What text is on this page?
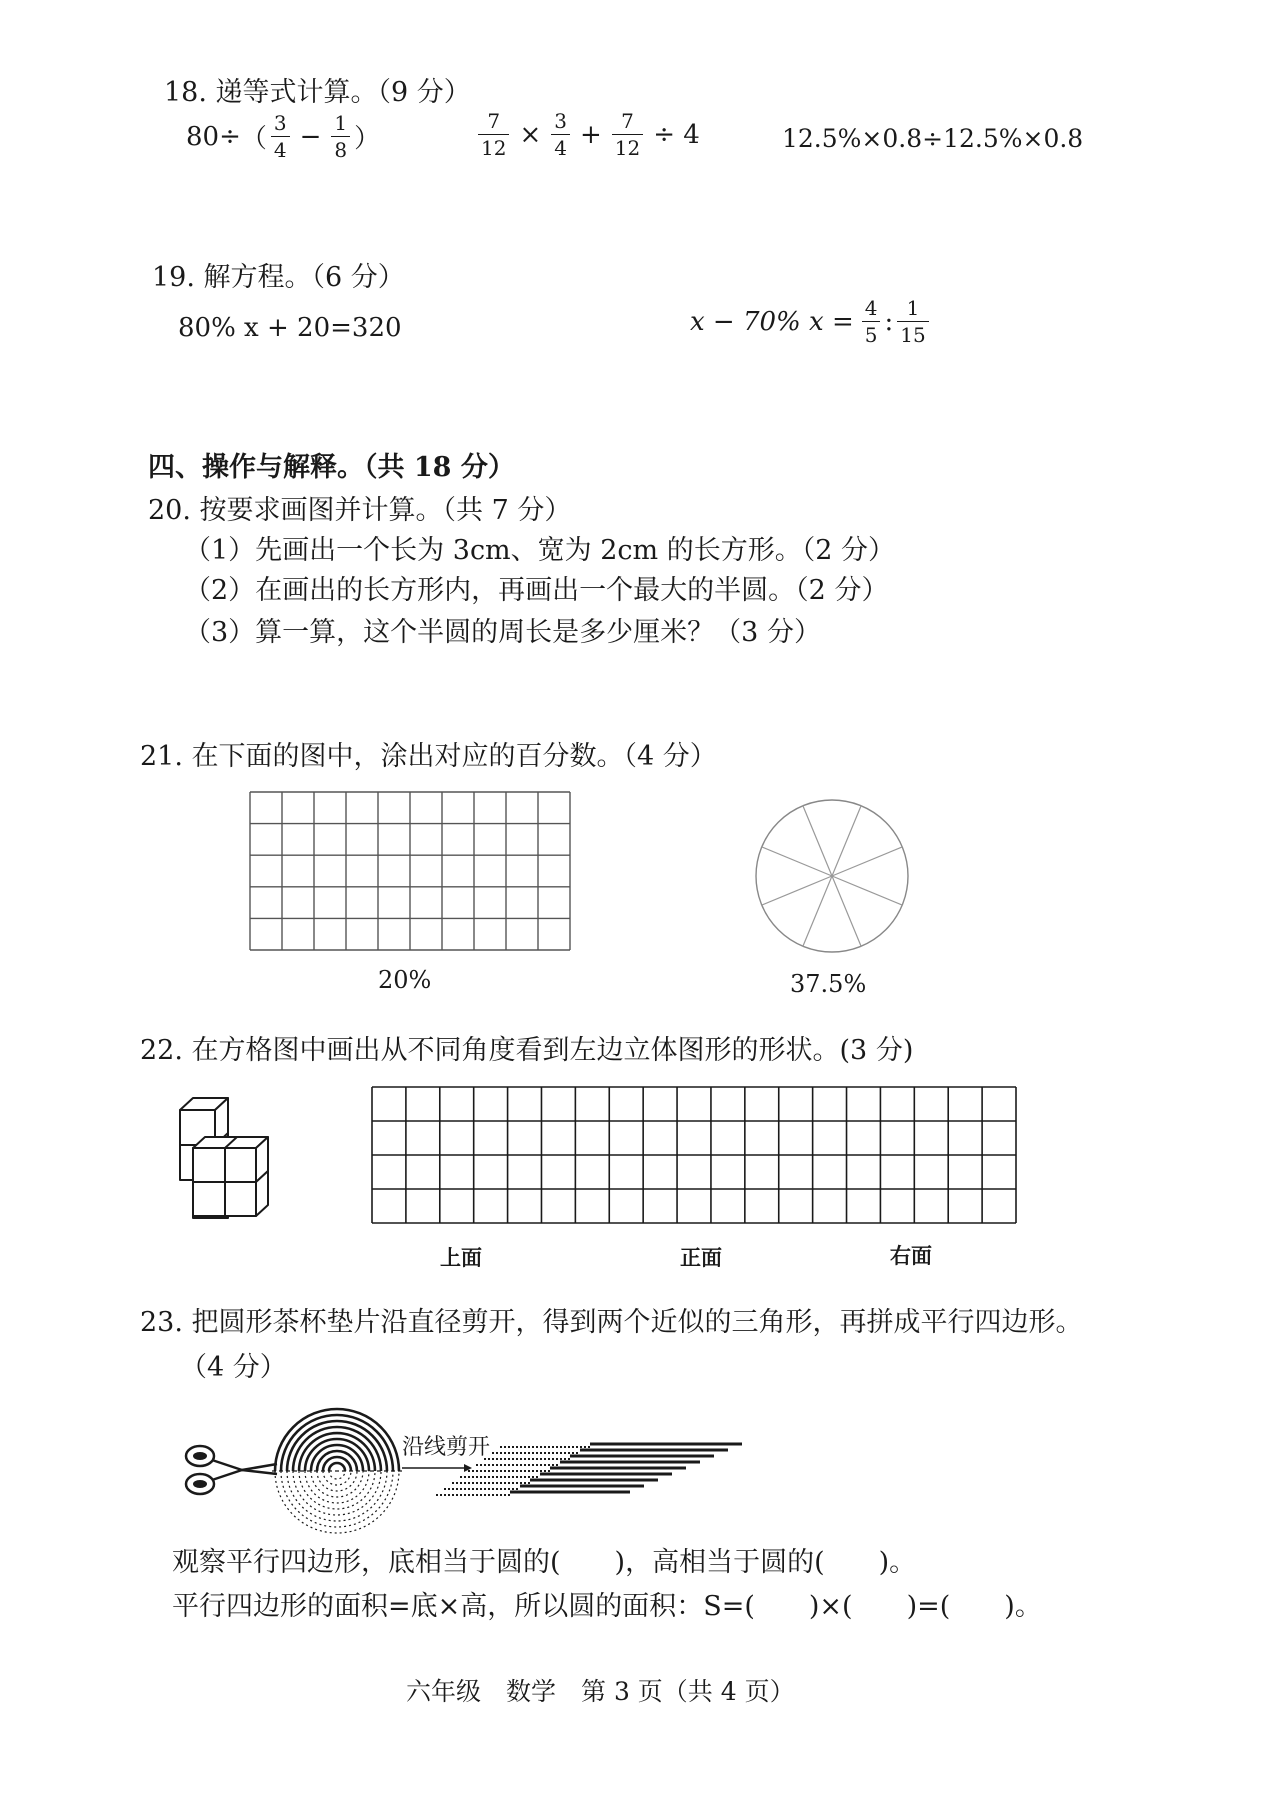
18. 递等式计算。（9 分）
80÷ （ $\frac{3}{4} - \frac{1}{8}$ ）	$\frac{7}{12} \times \frac{3}{4} + \frac{7}{12} \div 4$	12.5%×0.8÷12.5%×0.8
19. 解方程。（6 分）
80% x + 20=320	x − 70% $x = \frac{4}{5}$ : $\frac{1}{15}$
四、操作与解释。（共 18 分）
20. 按要求画图并计算。（共 7 分）
（1）先画出一个长为 3cm、宽为 2cm 的长方形。（2 分）
（2）在画出的长方形内，再画出一个最大的半圆。（2 分）
（3）算一算，这个半圆的周长是多少厘米？（3 分）
21. 在下面的图中，涂出对应的百分数。（4 分）
20%	37.5%
22. 在方格图中画出从不同角度看到左边立体图形的形状。(3 分)
上面	正面	右面
23. 把圆形茶杯垫片沿直径剪开，得到两个近似的三角形，再拼成平行四边形。
（4 分）
沿线剪开
观察平行四边形，底相当于圆的(　　)，高相当于圆的(　　)。
平行四边形的面积=底×高，所以圆的面积：S=(　　)×(　　)=(　　)。
六年级　数学　第 3 页（共 4 页）
